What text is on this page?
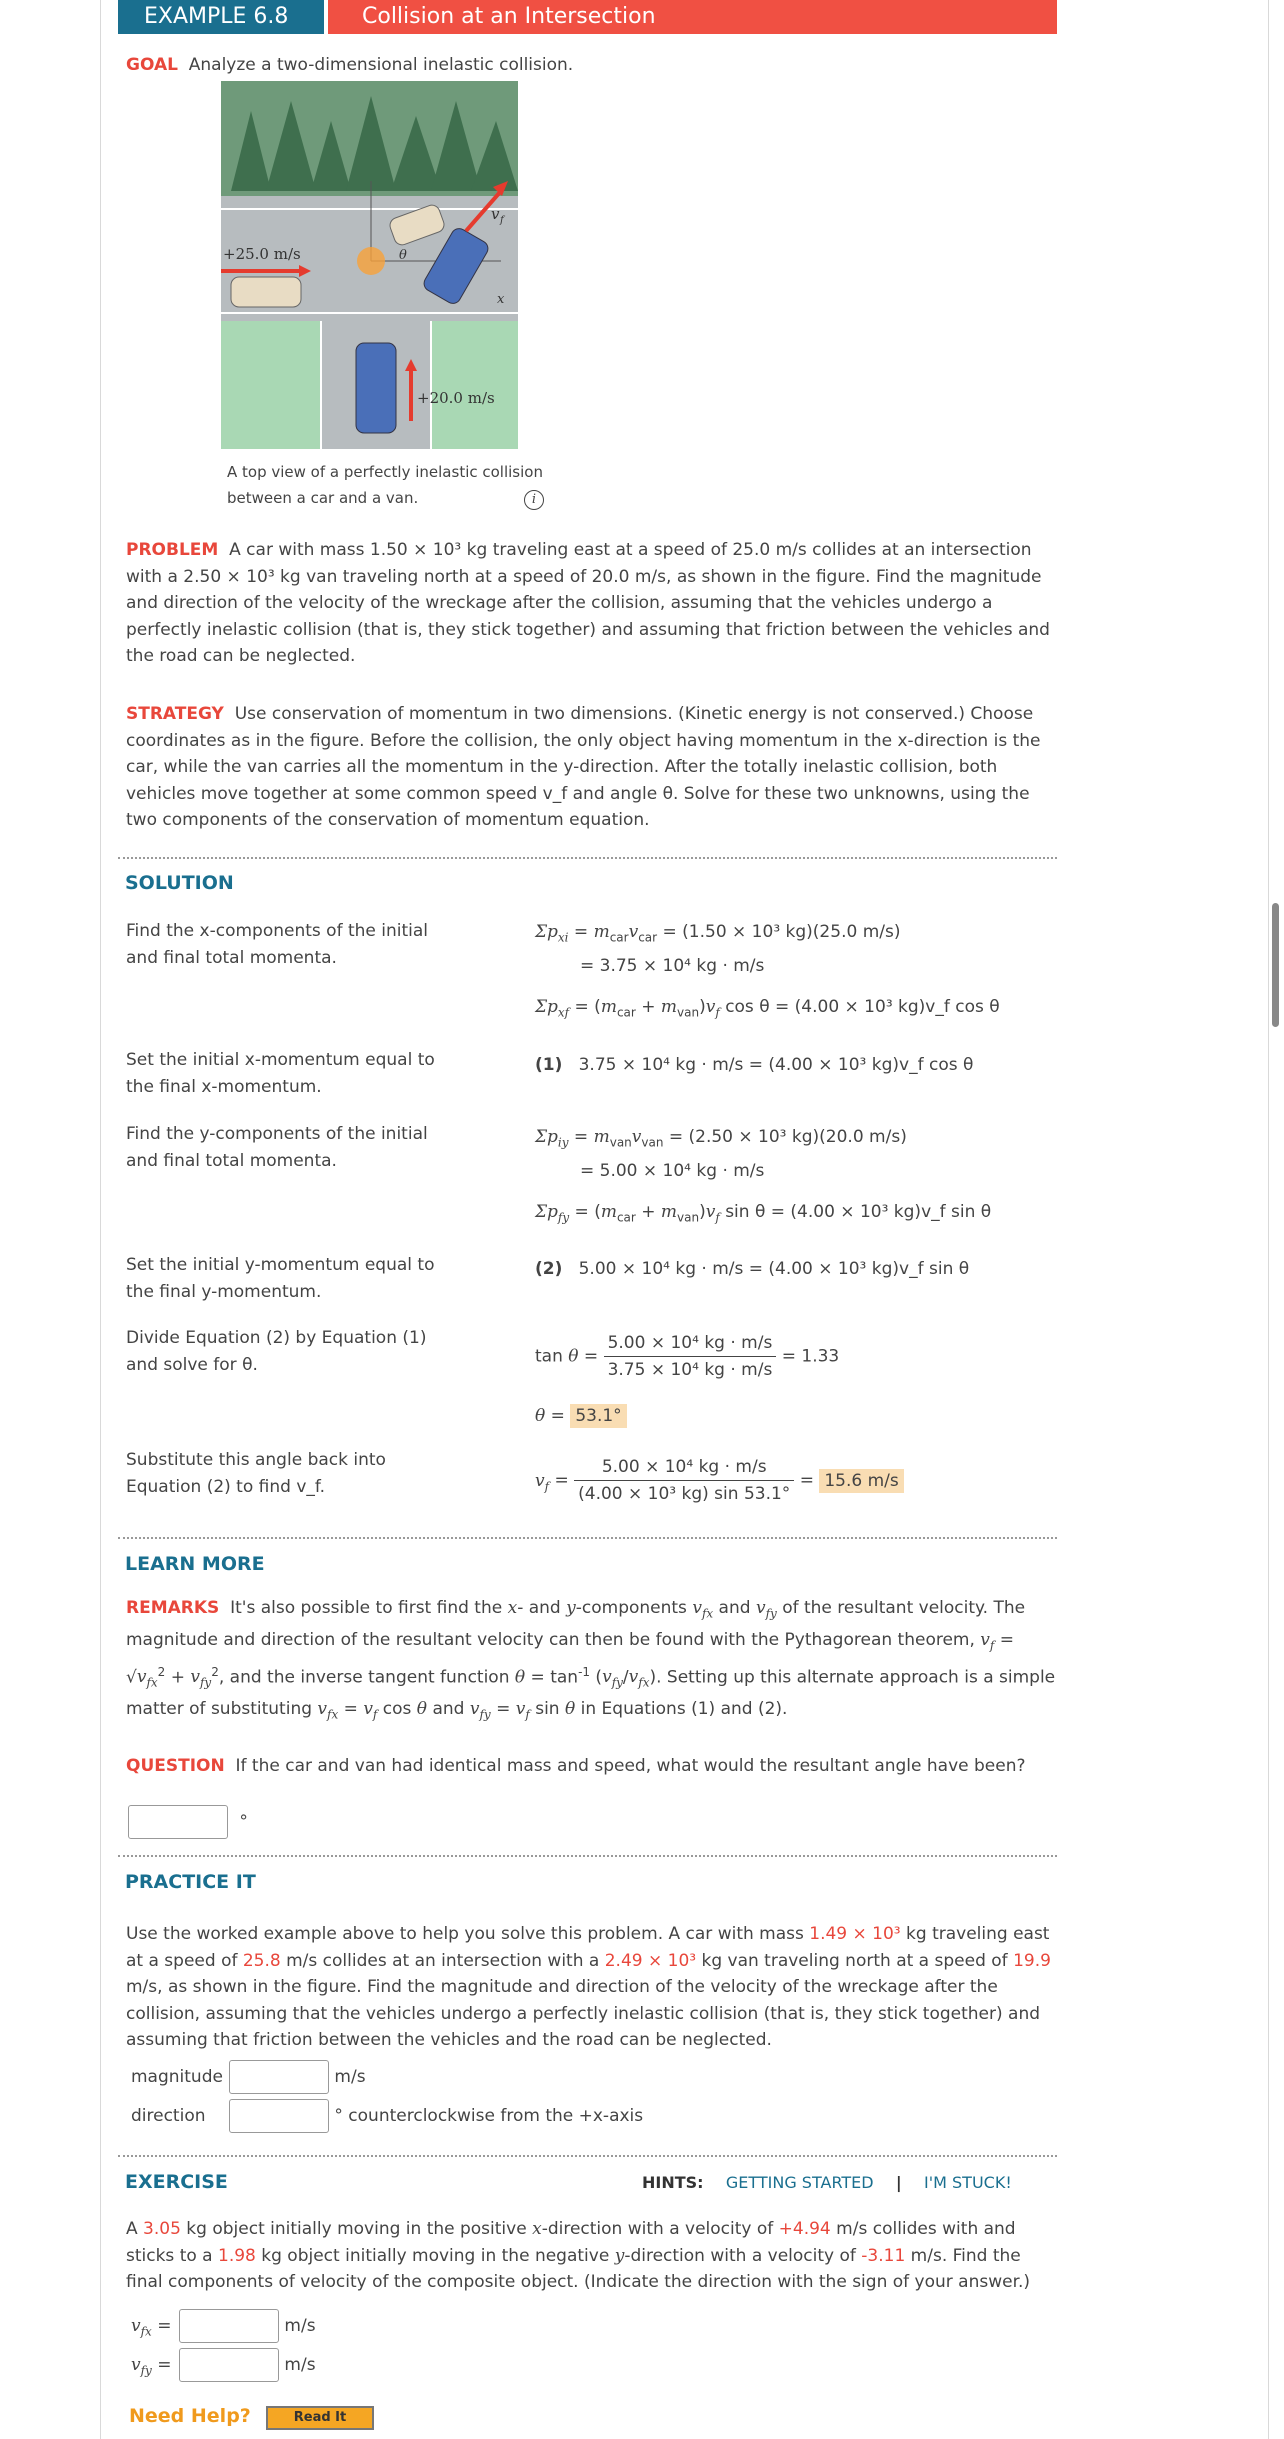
EXAMPLE 6.8	Collision at an Intersection
GOAL Analyze a two-dimensional inelastic collision.
+25.0 m/s
+20.0 m/s
θ
v f
x
A top view of a perfectly inelastic collision
between a car and a van.	i
PROBLEM A car with mass 1.50 × 10³ kg traveling east at a speed of 25.0 m/s collides at an intersection with a 2.50 × 10³ kg van traveling north at a speed of 20.0 m/s, as shown in the figure. Find the magnitude and direction of the velocity of the wreckage after the collision, assuming that the vehicles undergo a perfectly inelastic collision (that is, they stick together) and assuming that friction between the vehicles and the road can be neglected.
STRATEGY Use conservation of momentum in two dimensions. (Kinetic energy is not conserved.) Choose coordinates as in the figure. Before the collision, the only object having momentum in the x-direction is the car, while the van carries all the momentum in the y-direction. After the totally inelastic collision, both vehicles move together at some common speed v_f and angle θ. Solve for these two unknowns, using the two components of the conservation of momentum equation.
SOLUTION
Find the x-components of the initial and final total momenta.
$\Sigma p_{xi} = m_{car}v_{car} = (1.50 \times 10^3$ kg)(25.0 m/s)
= 3.75 × 10⁴ kg · m/s
$\Sigma p_{xf} = (m_{car} + m_{van})v_f$ cos θ = (4.00 × 10³ kg)v_f cos θ
Set the initial x-momentum equal to the final x-momentum.
(1) 3.75 × 10⁴ kg · m/s = (4.00 × 10³ kg)v_f cos θ
Find the y-components of the initial and final total momenta.
$\Sigma p_{iy} = m_{van}v_{van} = (2.50 \times 10^3$ kg)(20.0 m/s)
= 5.00 × 10⁴ kg · m/s
$\Sigma p_{fy} = (m_{car} + m_{van})v_f$ sin θ = (4.00 × 10³ kg)v_f sin θ
Set the initial y-momentum equal to the final y-momentum.
(2) 5.00 × 10⁴ kg · m/s = (4.00 × 10³ kg)v_f sin θ
Divide Equation (2) by Equation (1) and solve for θ.	$\tan \theta = \frac{\text{5.00 × 10⁴ kg · m/s}}{\text{3.75 × 10⁴ kg · m/s}} = 1.33$
θ = 53.1°
Substitute this angle back into Equation (2) to find v_f.	$v_f = \frac{\text{5.00 × 10⁴ kg · m/s}}{\text{(4.00 × 10³ kg) sin 53.1°}} = 15.6$ m/s
LEARN MORE
REMARKS  It's also possible to first find the x- and y-components $v_{fx}$ and $v_{fy}$ of the resultant velocity. The magnitude and direction of the resultant velocity can then be found with the Pythagorean theorem, $v_f = √v_{fx}^2 + v_{fy}^2$, and the inverse tangent function $\theta = \tan^{-1} (v_{fy}/v_{fx})$. Setting up this alternate approach is a simple matter of substituting $v_{fx} = v_f$ cos θ and $v_{fy} = v_f$ sin θ in Equations (1) and (2).
QUESTION If the car and van had identical mass and speed, what would the resultant angle have been?
°
PRACTICE IT
Use the worked example above to help you solve this problem. A car with mass 1.49 × 10³ kg traveling east at a speed of 25.8 m/s collides at an intersection with a 2.49 × 10³ kg van traveling north at a speed of 19.9 m/s, as shown in the figure. Find the magnitude and direction of the velocity of the wreckage after the collision, assuming that the vehicles undergo a perfectly inelastic collision (that is, they stick together) and assuming that friction between the vehicles and the road can be neglected.
magnitude	m/s
direction	° counterclockwise from the +x-axis
EXERCISE	HINTS: GETTING STARTED | I'M STUCK!
A 3.05 kg object initially moving in the positive x-direction with a velocity of +4.94 m/s collides with and sticks to a 1.98 kg object initially moving in the negative y-direction with a velocity of -3.11 m/s. Find the final components of velocity of the composite object. (Indicate the direction with the sign of your answer.)
$v_{fx}$ =	m/s
$v_{fy}$ =	m/s
Need Help?	Read It
